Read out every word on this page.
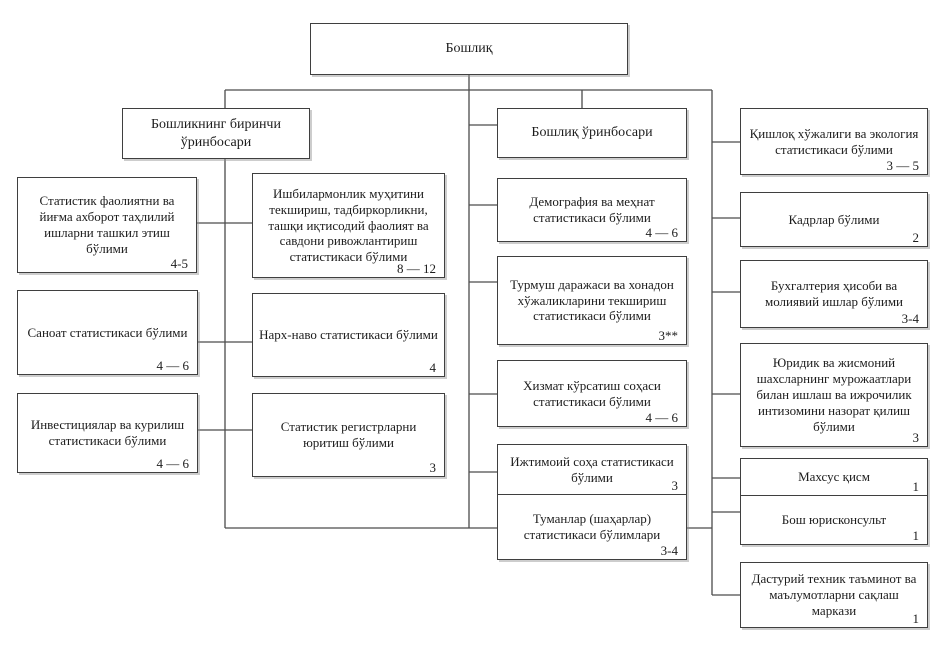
Бошлиқ
Бошликнинг биринчи ўринбосари
Бошлиқ ўринбосари
Статистик фаолиятни ва йиғма ахборот таҳлилий ишларни ташкил этиш бўлими
4-5
Саноат статистикаси бўлими
4 — 6
Инвестициялар ва курилиш статистикаси бўлими
4 — 6
Ишбилармонлик муҳитини текшириш, тадбиркорликни, ташқи иқтисодий фаолият ва савдони ривожлантириш статистикаси бўлими
8 — 12
Нарх-наво статистикаси бўлими
4
Статистик регистрларни юритиш бўлими
3
Демография ва меҳнат статистикаси бўлими
4 — 6
Турмуш даражаси ва хонадон хўжаликларини текшириш статистикаси бўлими
3**
Хизмат кўрсатиш соҳаси статистикаси бўлими
4 — 6
Ижтимоий соҳа статистикаси бўлими
3
Туманлар (шаҳарлар) статистикаси бўлимлари
3-4
Қишлоқ хўжалиги ва экология статистикаси бўлими
3 — 5
Кадрлар бўлими
2
Бухгалтерия ҳисоби ва молиявий ишлар бўлими
3-4
Юридик ва жисмоний шахсларнинг мурожаатлари билан ишлаш ва ижрочилик интизомини назорат қилиш бўлими
3
Махсус қисм
1
Бош юрисконсульт
1
Дастурий техник таъминот ва маълумотларни сақлаш маркази
1
